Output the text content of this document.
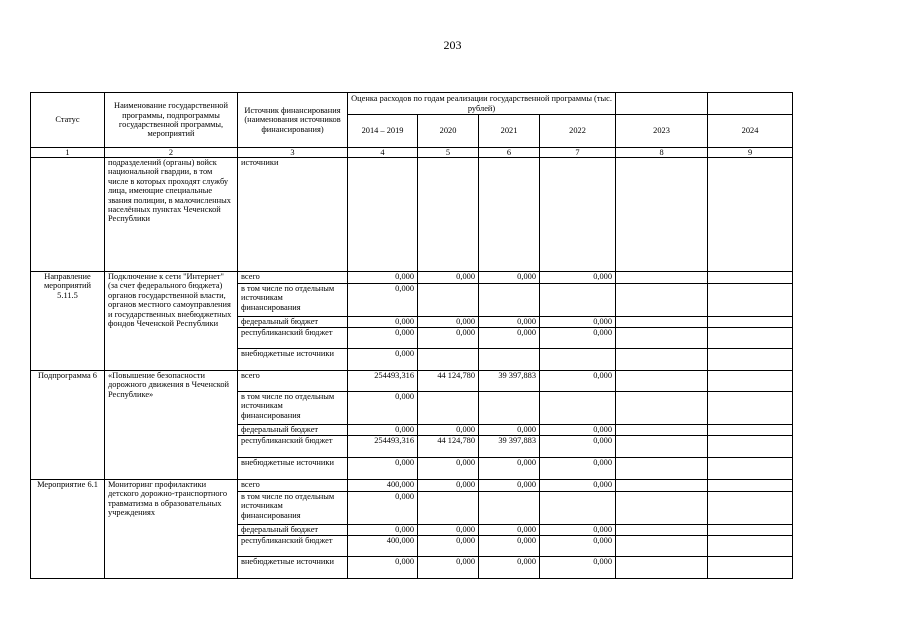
203
Статус	Наименование государственной программы, подпрограммы государственной программы, мероприятий	Источник финансирования (наименования источников финансирования)	Оценка расходов по годам реализации государственной программы (тыс. рублей)					
			2014 – 2019	2020	2021	2022	2023	2024
1	2	3	4	5	6	7	8	9
	подразделений (органы) войск национальной гвардии, в том числе в которых проходят службу лица, имеющие специальные звания полиции, в малочисленных населённых пунктах Чеченской Республики	источники						
Направление мероприятий 5.11.5	Подключение к сети "Интернет" (за счет федерального бюджета) органов государственной власти, органов местного самоуправления и государственных внебюджетных фондов Чеченской Республики	всего	0,000	0,000	0,000	0,000		
		в том числе по отдельным источникам финансирования	0,000					
		федеральный бюджет	0,000	0,000	0,000	0,000		
		республиканский бюджет	0,000	0,000	0,000	0,000		
		внебюджетные источники	0,000					
Подпрограмма 6	«Повышение безопасности дорожного движения в Чеченской Республике»	всего	254493,316	44 124,780	39 397,883	0,000		
		в том числе по отдельным источникам финансирования	0,000					
		федеральный бюджет	0,000	0,000	0,000	0,000		
		республиканский бюджет	254493,316	44 124,780	39 397,883	0,000		
		внебюджетные источники	0,000	0,000	0,000	0,000		
Мероприятие 6.1	Мониторинг профилактики детского дорожно-транспортного травматизма в образовательных учреждениях	всего	400,000	0,000	0,000	0,000		
		в том числе по отдельным источникам финансирования	0,000					
		федеральный бюджет	0,000	0,000	0,000	0,000		
		республиканский бюджет	400,000	0,000	0,000	0,000		
		внебюджетные источники	0,000	0,000	0,000	0,000		
